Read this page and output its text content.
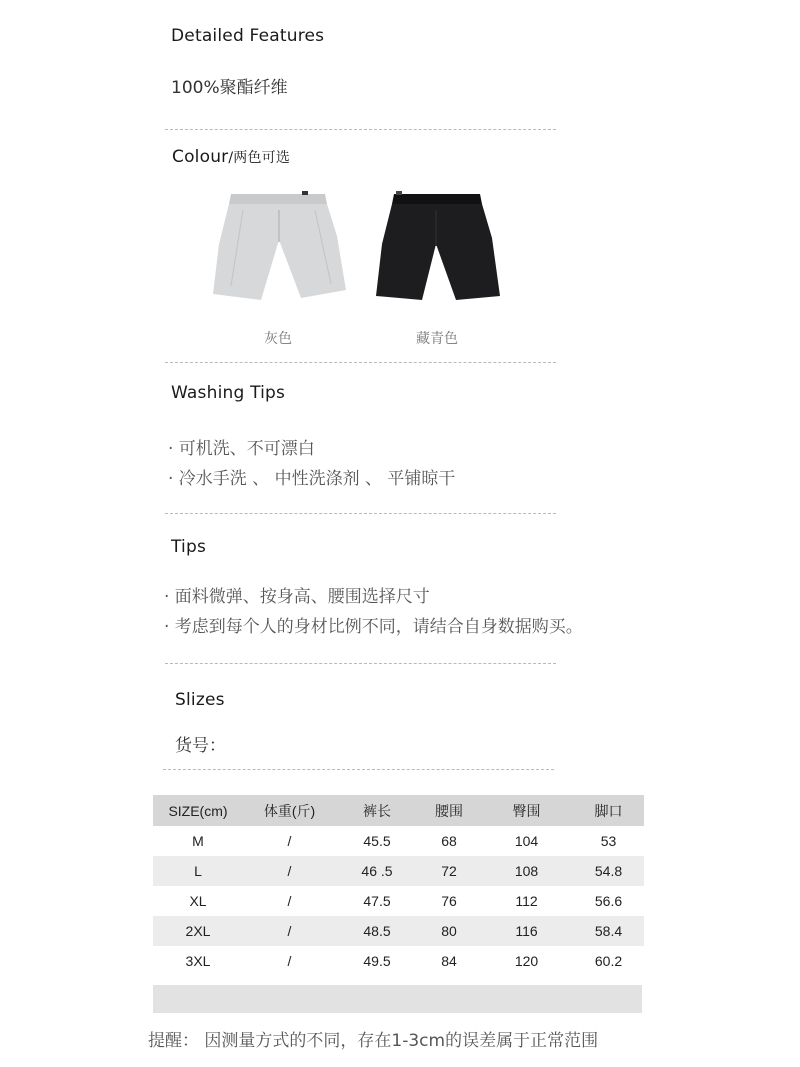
Detailed Features
100%聚酯纤维
Colour/两色可选
灰色	藏青色
Washing Tips
· 可机洗、不可漂白
· 冷水手洗 、 中性洗涤剂 、 平铺晾干
Tips
· 面料微弹、按身高、腰围选择尺寸
· 考虑到每个人的身材比例不同，请结合自身数据购买。
Slizes
货号：
SIZE(cm)	体重(斤)	裤长	腰围	臀围	脚口
M	/	45.5	68	104	53
L	/	46 .5	72	108	54.8
XL	/	47.5	76	112	56.6
2XL	/	48.5	80	116	58.4
3XL	/	49.5	84	120	60.2
提醒： 因测量方式的不同，存在1-3cm的误差属于正常范围
